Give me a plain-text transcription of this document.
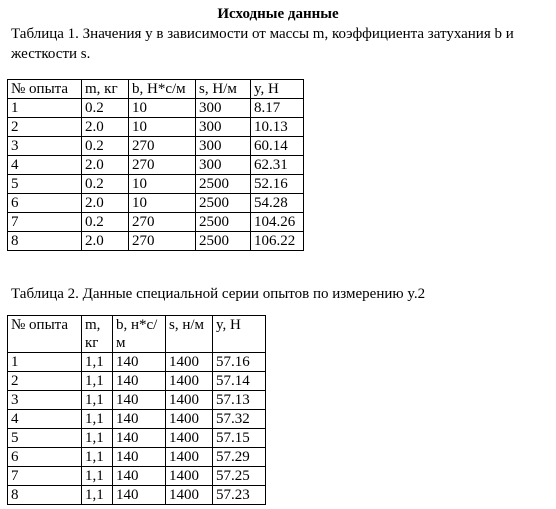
Исходные данные
Таблица 1. Значения y в зависимости от массы m, коэффициента затухания b и жесткости s.
№ опыта	m, кг	b, Н*с/м	s, Н/м	y, Н
1	0.2	10	300	8.17
2	2.0	10	300	10.13
3	0.2	270	300	60.14
4	2.0	270	300	62.31
5	0.2	10	2500	52.16
6	2.0	10	2500	54.28
7	0.2	270	2500	104.26
8	2.0	270	2500	106.22
Таблица 2. Данные специальной серии опытов по измерению y.2
№ опыта	m, кг	b, н*с/м	s, н/м	y, Н
1	1,1	140	1400	57.16
2	1,1	140	1400	57.14
3	1,1	140	1400	57.13
4	1,1	140	1400	57.32
5	1,1	140	1400	57.15
6	1,1	140	1400	57.29
7	1,1	140	1400	57.25
8	1,1	140	1400	57.23
